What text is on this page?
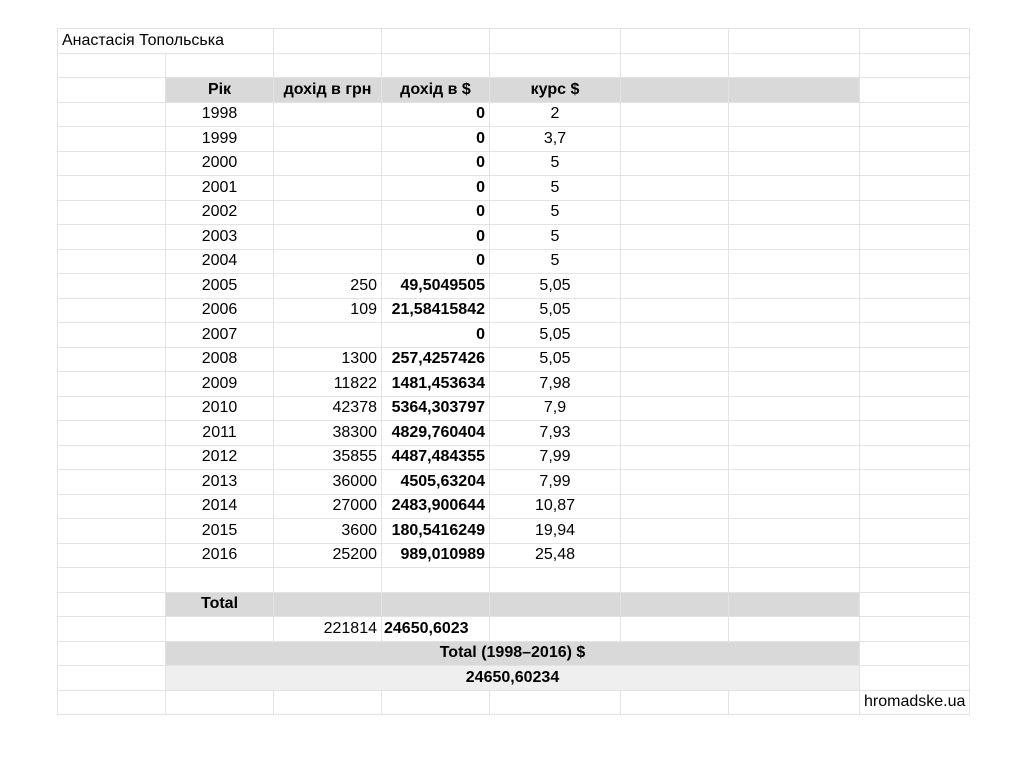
Анастасія Топольська							

	Рік	дохід в грн	дохід в $	курс $			
	1998		0	2			
	1999		0	3,7			
	2000		0	5			
	2001		0	5			
	2002		0	5			
	2003		0	5			
	2004		0	5			
	2005	250	49,5049505	5,05			
	2006	109	21,58415842	5,05			
	2007		0	5,05			
	2008	1300	257,4257426	5,05			
	2009	11822	1481,453634	7,98			
	2010	42378	5364,303797	7,9			
	2011	38300	4829,760404	7,93			
	2012	35855	4487,484355	7,99			
	2013	36000	4505,63204	7,99			
	2014	27000	2483,900644	10,87			
	2015	3600	180,5416249	19,94			
	2016	25200	989,010989	25,48			

	Total						
		221814	24650,6023				
	Total (1998–2016) $						
	24650,60234						
							hromadske.ua
